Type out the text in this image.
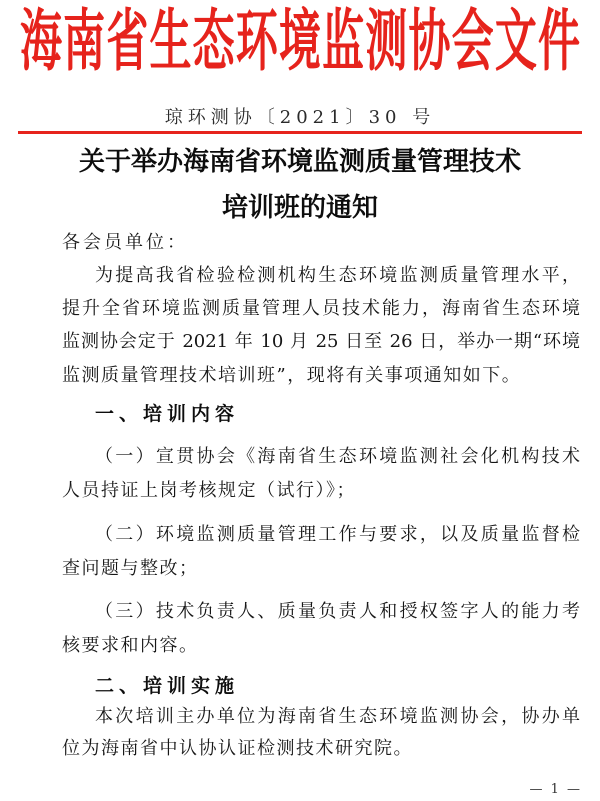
海南省生态环境监测协会文件
琼环测协〔2021〕30 号
关于举办海南省环境监测质量管理技术
培训班的通知
各会员单位：
为提高我省检验检测机构生态环境监测质量管理水平，
提升全省环境监测质量管理人员技术能力，海南省生态环境
监测协会定于 2021 年 10 月 25 日至 26 日，举办一期“环境
监测质量管理技术培训班”，现将有关事项通知如下。
一、培训内容
（一）宣贯协会《海南省生态环境监测社会化机构技术
人员持证上岗考核规定（试行）》；
（二）环境监测质量管理工作与要求，以及质量监督检
查问题与整改；
（三）技术负责人、质量负责人和授权签字人的能力考
核要求和内容。
二、培训实施
本次培训主办单位为海南省生态环境监测协会，协办单
位为海南省中认协认证检测技术研究院。
— 1 —
